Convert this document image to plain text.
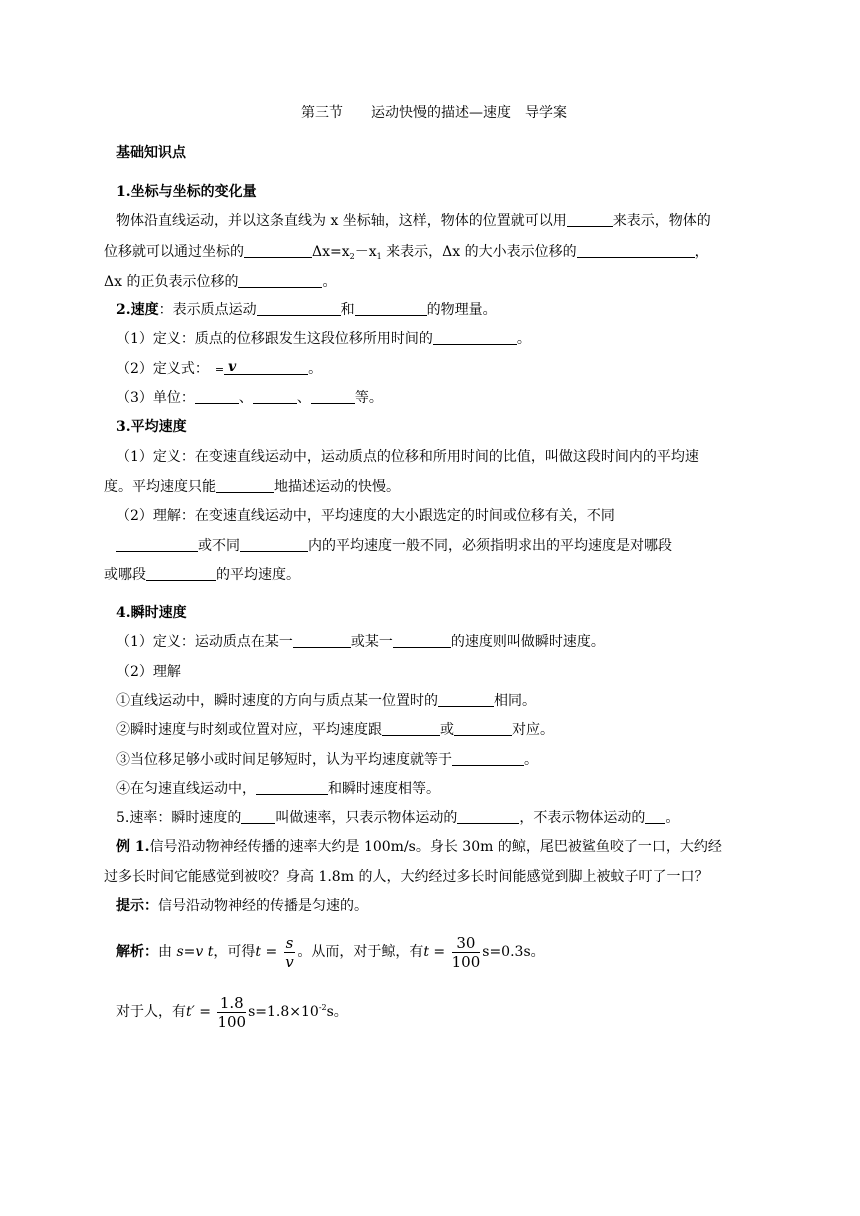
第三节　　运动快慢的描述—速度　导学案
基础知识点
1.坐标与坐标的变化量
物体沿直线运动，并以这条直线为 x 坐标轴，这样，物体的位置就可以用	来表示，物体的
位移就可以通过坐标的	$\Delta x=x_2-x_1$ 来表示，Δx 的大小表示位移的	，
Δx 的正负表示位移的	。
2.速度：表示质点运动	和	的物理量。
（1）定义：质点的位移跟发生这段位移所用时间的	。
（2）定义式： = v	。
（3）单位：	、	、	等。
3.平均速度
（1）定义：在变速直线运动中，运动质点的位移和所用时间的比值，叫做这段时间内的平均速
度。平均速度只能	地描述运动的快慢。
（2）理解：在变速直线运动中，平均速度的大小跟选定的时间或位移有关，不同
或不同	内的平均速度一般不同，必须指明求出的平均速度是对哪段
或哪段	的平均速度。
4.瞬时速度
（1）定义：运动质点在某一	或某一	的速度则叫做瞬时速度。
（2）理解
①直线运动中，瞬时速度的方向与质点某一位置时的	相同。
②瞬时速度与时刻或位置对应，平均速度跟	或	对应。
③当位移足够小或时间足够短时，认为平均速度就等于	。
④在匀速直线运动中，	和瞬时速度相等。
5.速率：瞬时速度的 叫做速率，只表示物体运动的	，不表示物体运动的 。
例 1.信号沿动物神经传播的速率大约是 100m/s。身长 30m 的鲸，尾巴被鲨鱼咬了一口，大约经
过多长时间它能感觉到被咬？身高 1.8m 的人，大约经过多长时间能感觉到脚上被蚊子叮了一口？
提示：信号沿动物神经的传播是匀速的。
解析：由 s=v t，可得$t = \frac{s}{v}$ 。从而，对于鲸，有$t = \frac{30}{100} s=0.3s$。
对于人，有$t' = \frac{1.8}{100} s=1.8\times 10^{-2}s$。
